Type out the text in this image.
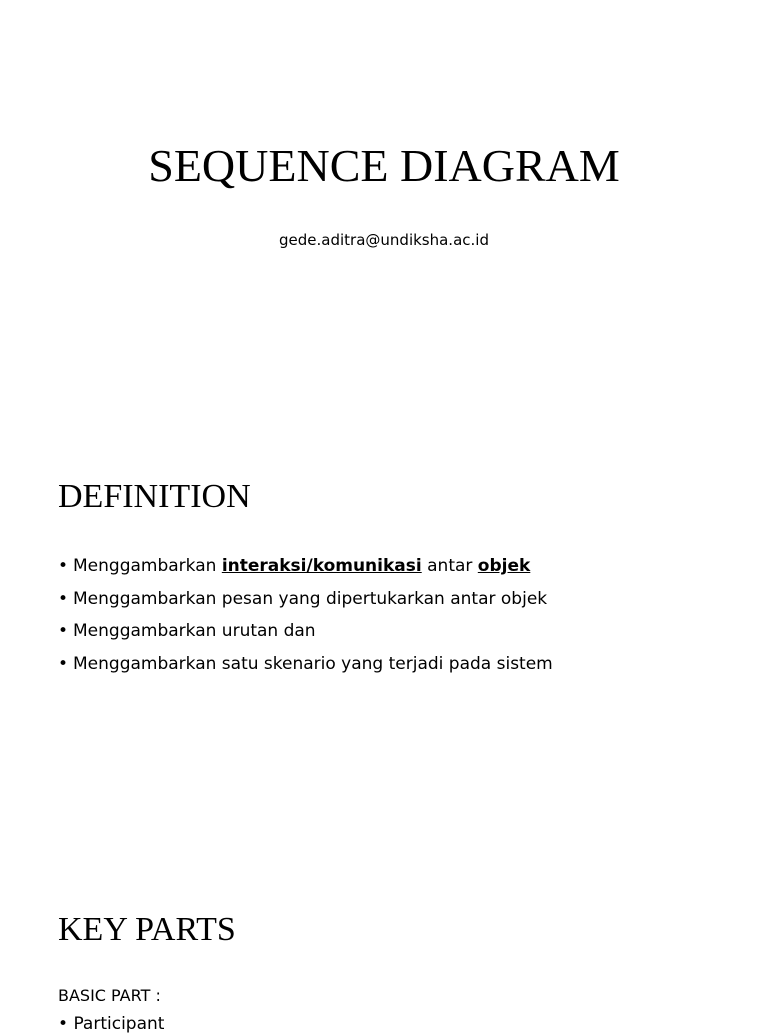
SEQUENCE DIAGRAM
gede.aditra@undiksha.ac.id
DEFINITION
• Menggambarkan interaksi/komunikasi antar objek
• Menggambarkan pesan yang dipertukarkan antar objek
• Menggambarkan urutan dan
• Menggambarkan satu skenario yang terjadi pada sistem
KEY PARTS
BASIC PART :
• Participant
